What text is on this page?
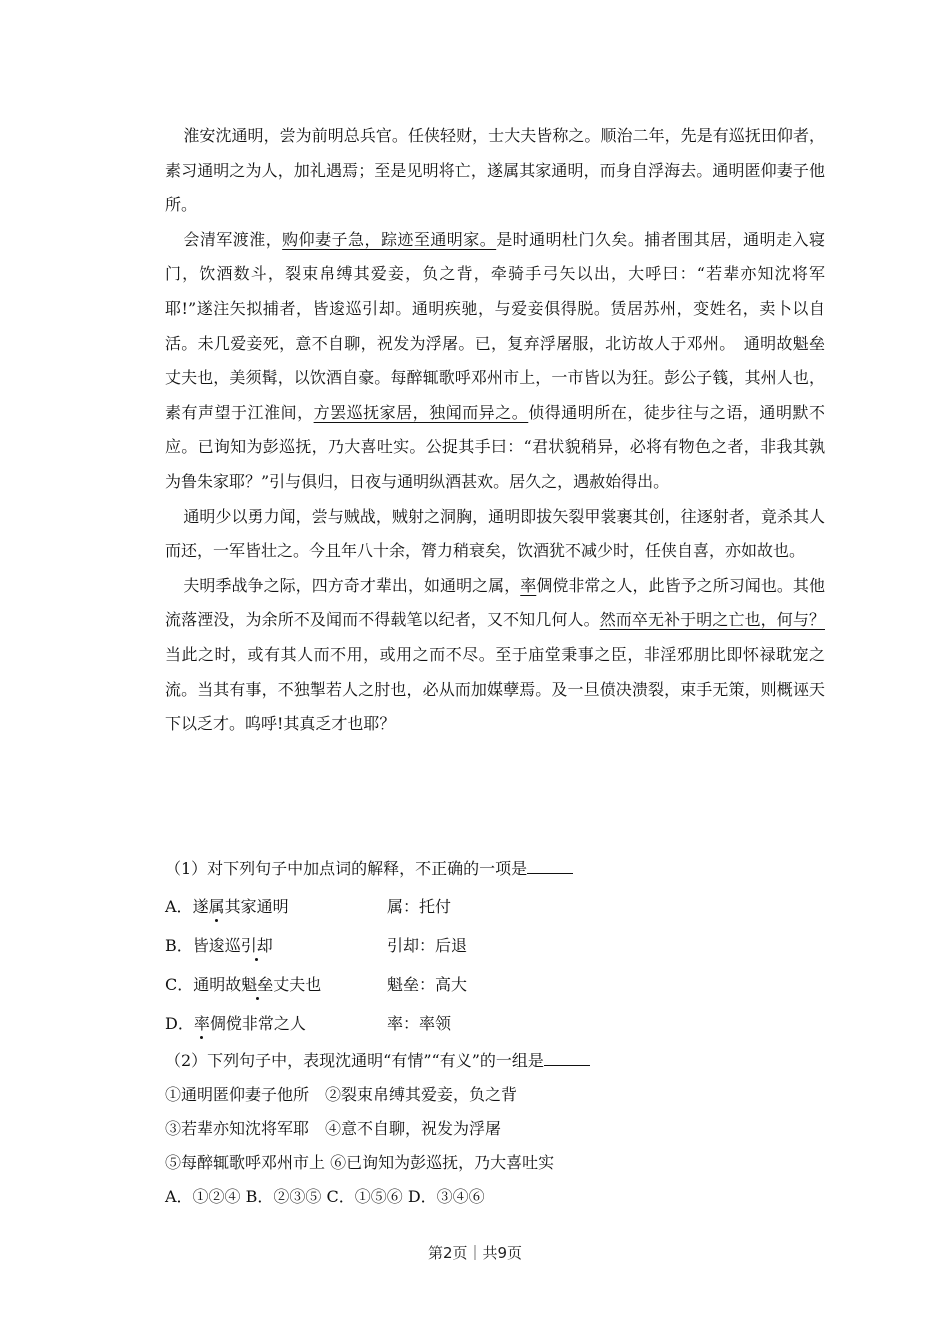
淮安沈通明，尝为前明总兵官。任侠轻财，士大夫皆称之。顺治二年，先是有巡抚田仰者，素习通明之为人，加礼遇焉；至是见明将亡，遂属其家通明，而身自浮海去。通明匿仰妻子他所。

会清军渡淮，购仰妻子急，踪迹至通明家。是时通明杜门久矣。捕者围其居，通明走入寝门，饮酒数斗，裂束帛缚其爱妾，负之背，牵骑手弓矢以出，大呼曰：“若辈亦知沈将军耶!”遂注矢拟捕者，皆逡巡引却。通明疾驰，与爱妾俱得脱。赁居苏州，变姓名，卖卜以自活。未几爱妾死，意不自聊，祝发为浮屠。已，复弃浮屠服，北访故人于邓州。　通明故魁垒丈夫也，美须髯，以饮酒自豪。每醉辄歌呼邓州市上，一市皆以为狂。彭公子篯，其州人也，素有声望于江淮间，方罢巡抚家居，独闻而异之。侦得通明所在，徒步往与之语，通明默不应。已询知为彭巡抚，乃大喜吐实。公捉其手曰：“君状貌稍异，必将有物色之者，非我其孰为鲁朱家耶？”引与俱归，日夜与通明纵酒甚欢。居久之，遇赦始得出。

通明少以勇力闻，尝与贼战，贼射之洞胸，通明即拔矢裂甲裳裹其创，往逐射者，竟杀其人而还，一军皆壮之。今且年八十余，膂力稍衰矣，饮酒犹不减少时，任侠自喜，亦如故也。

夫明季战争之际，四方奇才辈出，如通明之属，率倜傥非常之人，此皆予之所习闻也。其他流落湮没，为余所不及闻而不得载笔以纪者，又不知几何人。然而卒无补于明之亡也，何与？当此之时，或有其人而不用，或用之而不尽。至于庙堂秉事之臣，非淫邪朋比即怀禄耽宠之流。当其有事，不独掣若人之肘也，必从而加媒孽焉。及一旦偾决溃裂，束手无策，则概诬天下以乏才。呜呼!其真乏才也耶？

（1）对下列句子中加点词的解释，不正确的一项是

A．遂属其家通明	属：托付
B．皆逡巡引却	引却：后退
C．通明故魁垒丈夫也	魁垒：高大
D．率倜傥非常之人	率：率领

（2）下列句子中，表现沈通明“有情”“有义”的一组是

①通明匿仰妻子他所　②裂束帛缚其爱妾，负之背
③若辈亦知沈将军耶　④意不自聊，祝发为浮屠
⑤每醉辄歌呼邓州市上 ⑥已询知为彭巡抚，乃大喜吐实
A．①②④ B．②③⑤ C．①⑤⑥ D．③④⑥
第2页｜共9页
